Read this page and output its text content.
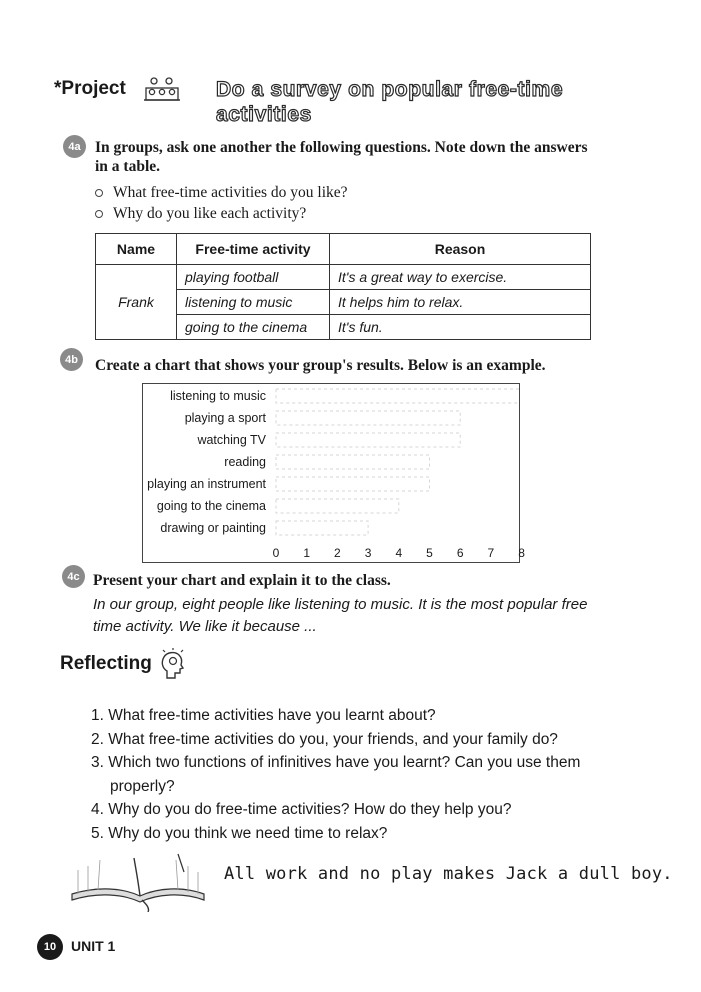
*Project	Do a survey on popular free-time activities
4a In groups, ask one another the following questions. Note down the answers in a table.
What free-time activities do you like?
Why do you like each activity?
Name	Free-time activity	Reason
Frank	playing football	It's a great way to exercise.
	listening to music	It helps him to relax.
	going to the cinema	It's fun.
4b	Create a chart that shows your group's results. Below is an example.
listening to music
playing a sport
watching TV
reading
playing an instrument
going to the cinema
drawing or painting
0	1	2	3	4	5	6	7	8
4c Present your chart and explain it to the class.
In our group, eight people like listening to music. It is the most popular free time activity. We like it because ...
Reflecting
1. What free-time activities have you learnt about?
2. What free-time activities do you, your friends, and your family do?
3. Which two functions of infinitives have you learnt? Can you use them properly?
4. Why do you do free-time activities? How do they help you?
5. Why do you think we need time to relax?
All work and no play makes Jack a dull boy.
10	UNIT 1
